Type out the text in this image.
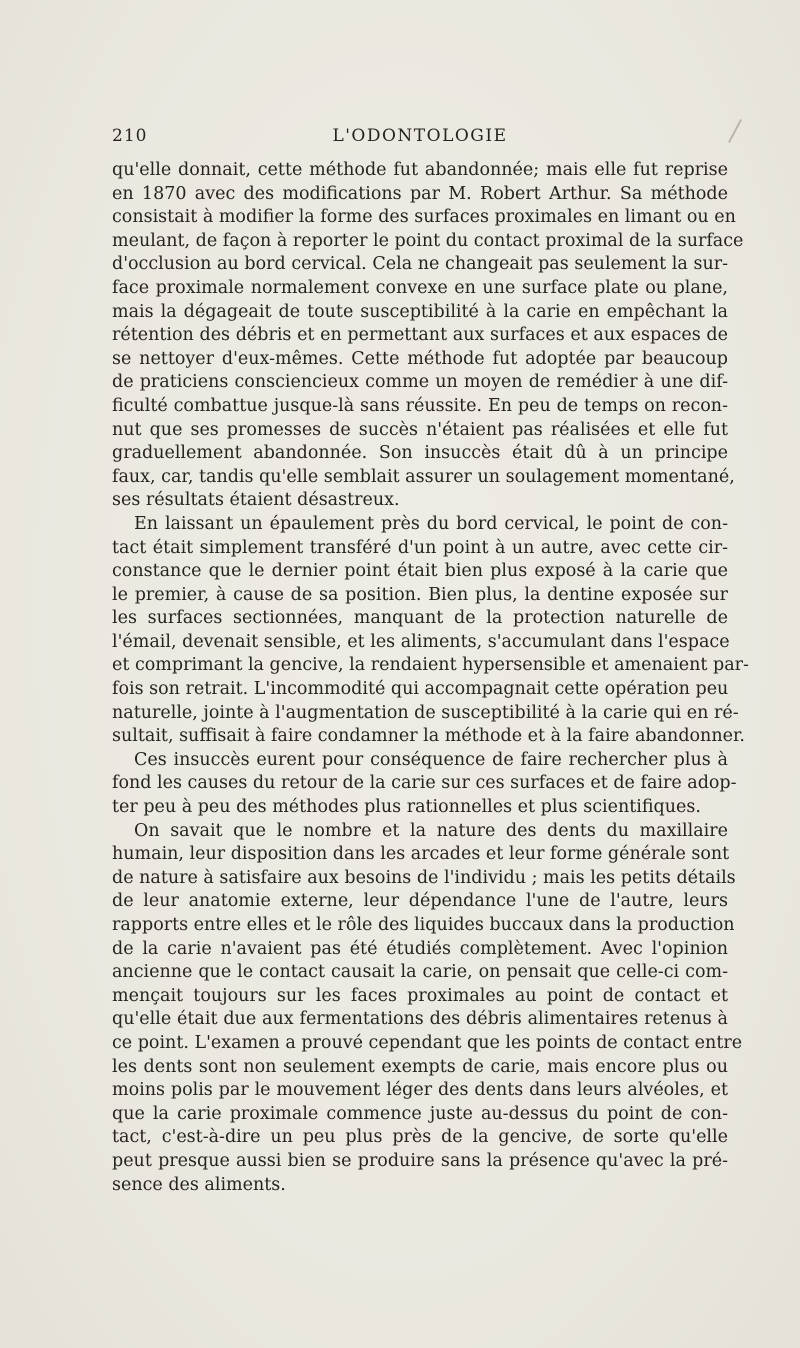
210	L'ODONTOLOGIE
qu'elle donnait, cette méthode fut abandonnée; mais elle fut reprise
en 1870 avec des modifications par M. Robert Arthur. Sa méthode
consistait à modifier la forme des surfaces proximales en limant ou en
meulant, de façon à reporter le point du contact proximal de la surface
d'occlusion au bord cervical. Cela ne changeait pas seulement la sur-
face proximale normalement convexe en une surface plate ou plane,
mais la dégageait de toute susceptibilité à la carie en empêchant la
rétention des débris et en permettant aux surfaces et aux espaces de
se nettoyer d'eux-mêmes. Cette méthode fut adoptée par beaucoup
de praticiens consciencieux comme un moyen de remédier à une dif-
ficulté combattue jusque-là sans réussite. En peu de temps on recon-
nut que ses promesses de succès n'étaient pas réalisées et elle fut
graduellement abandonnée. Son insuccès était dû à un principe
faux, car, tandis qu'elle semblait assurer un soulagement momentané,
ses résultats étaient désastreux.
En laissant un épaulement près du bord cervical, le point de con-
tact était simplement transféré d'un point à un autre, avec cette cir-
constance que le dernier point était bien plus exposé à la carie que
le premier, à cause de sa position. Bien plus, la dentine exposée sur
les surfaces sectionnées, manquant de la protection naturelle de
l'émail, devenait sensible, et les aliments, s'accumulant dans l'espace
et comprimant la gencive, la rendaient hypersensible et amenaient par-
fois son retrait. L'incommodité qui accompagnait cette opération peu
naturelle, jointe à l'augmentation de susceptibilité à la carie qui en ré-
sultait, suffisait à faire condamner la méthode et à la faire abandonner.
Ces insuccès eurent pour conséquence de faire rechercher plus à
fond les causes du retour de la carie sur ces surfaces et de faire adop-
ter peu à peu des méthodes plus rationnelles et plus scientifiques.
On savait que le nombre et la nature des dents du maxillaire
humain, leur disposition dans les arcades et leur forme générale sont
de nature à satisfaire aux besoins de l'individu ; mais les petits détails
de leur anatomie externe, leur dépendance l'une de l'autre, leurs
rapports entre elles et le rôle des liquides buccaux dans la production
de la carie n'avaient pas été étudiés complètement. Avec l'opinion
ancienne que le contact causait la carie, on pensait que celle-ci com-
mençait toujours sur les faces proximales au point de contact et
qu'elle était due aux fermentations des débris alimentaires retenus à
ce point. L'examen a prouvé cependant que les points de contact entre
les dents sont non seulement exempts de carie, mais encore plus ou
moins polis par le mouvement léger des dents dans leurs alvéoles, et
que la carie proximale commence juste au-dessus du point de con-
tact, c'est-à-dire un peu plus près de la gencive, de sorte qu'elle
peut presque aussi bien se produire sans la présence qu'avec la pré-
sence des aliments.
